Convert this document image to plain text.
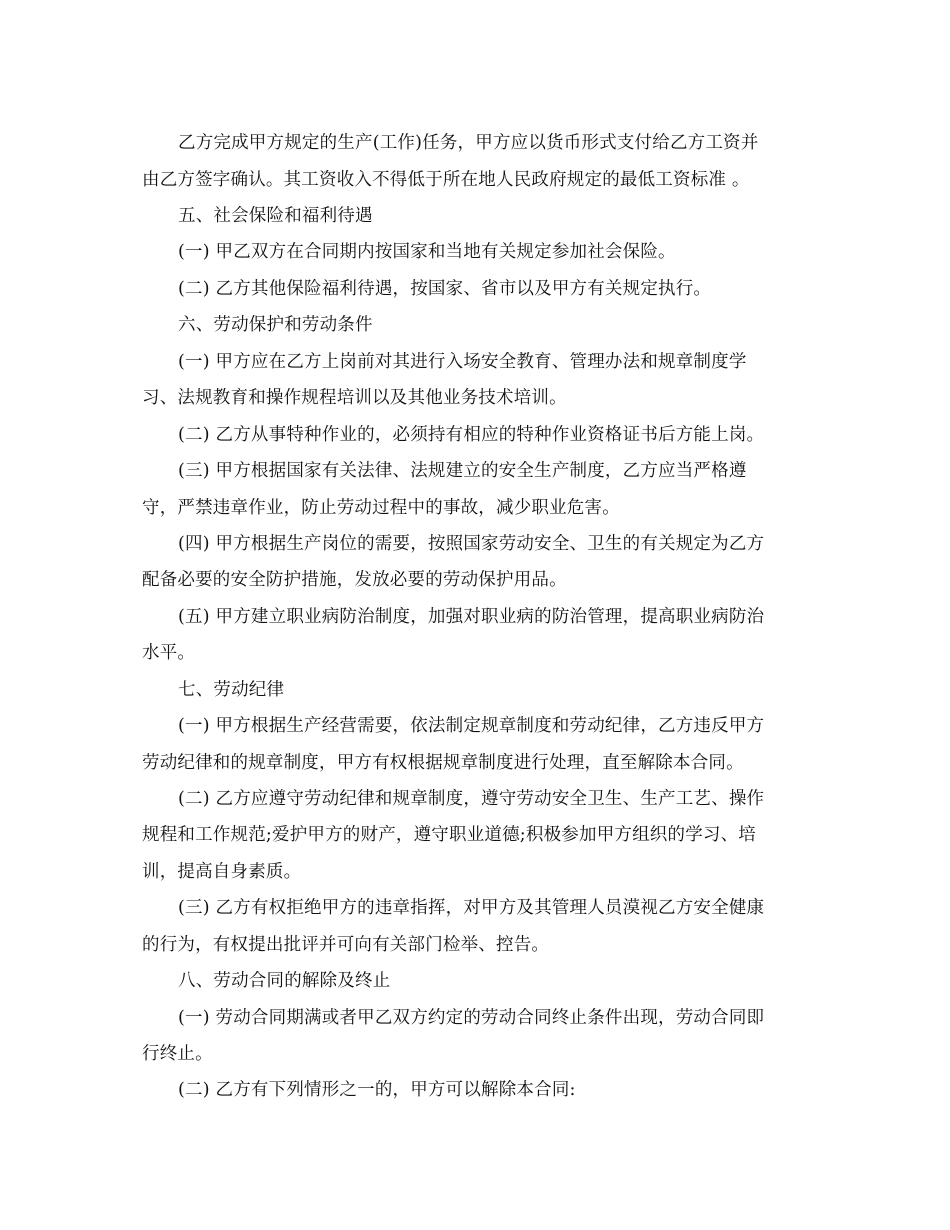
乙方完成甲方规定的生产(工作)任务，甲方应以货币形式支付给乙方工资并
由乙方签字确认。其工资收入不得低于所在地人民政府规定的最低工资标准 。
五、社会保险和福利待遇
(一) 甲乙双方在合同期内按国家和当地有关规定参加社会保险。
(二) 乙方其他保险福利待遇，按国家、省市以及甲方有关规定执行。
六、劳动保护和劳动条件
(一) 甲方应在乙方上岗前对其进行入场安全教育、管理办法和规章制度学
习、法规教育和操作规程培训以及其他业务技术培训。
(二) 乙方从事特种作业的，必须持有相应的特种作业资格证书后方能上岗。
(三) 甲方根据国家有关法律、法规建立的安全生产制度，乙方应当严格遵
守，严禁违章作业，防止劳动过程中的事故，减少职业危害。
(四) 甲方根据生产岗位的需要，按照国家劳动安全、卫生的有关规定为乙方
配备必要的安全防护措施，发放必要的劳动保护用品。
(五) 甲方建立职业病防治制度，加强对职业病的防治管理，提高职业病防治
水平。
七、劳动纪律
(一) 甲方根据生产经营需要，依法制定规章制度和劳动纪律，乙方违反甲方
劳动纪律和的规章制度，甲方有权根据规章制度进行处理，直至解除本合同。
(二) 乙方应遵守劳动纪律和规章制度，遵守劳动安全卫生、生产工艺、操作
规程和工作规范;爱护甲方的财产，遵守职业道德;积极参加甲方组织的学习、培
训，提高自身素质。
(三) 乙方有权拒绝甲方的违章指挥，对甲方及其管理人员漠视乙方安全健康
的行为，有权提出批评并可向有关部门检举、控告。
八、劳动合同的解除及终止
(一) 劳动合同期满或者甲乙双方约定的劳动合同终止条件出现，劳动合同即
行终止。
(二) 乙方有下列情形之一的，甲方可以解除本合同:
